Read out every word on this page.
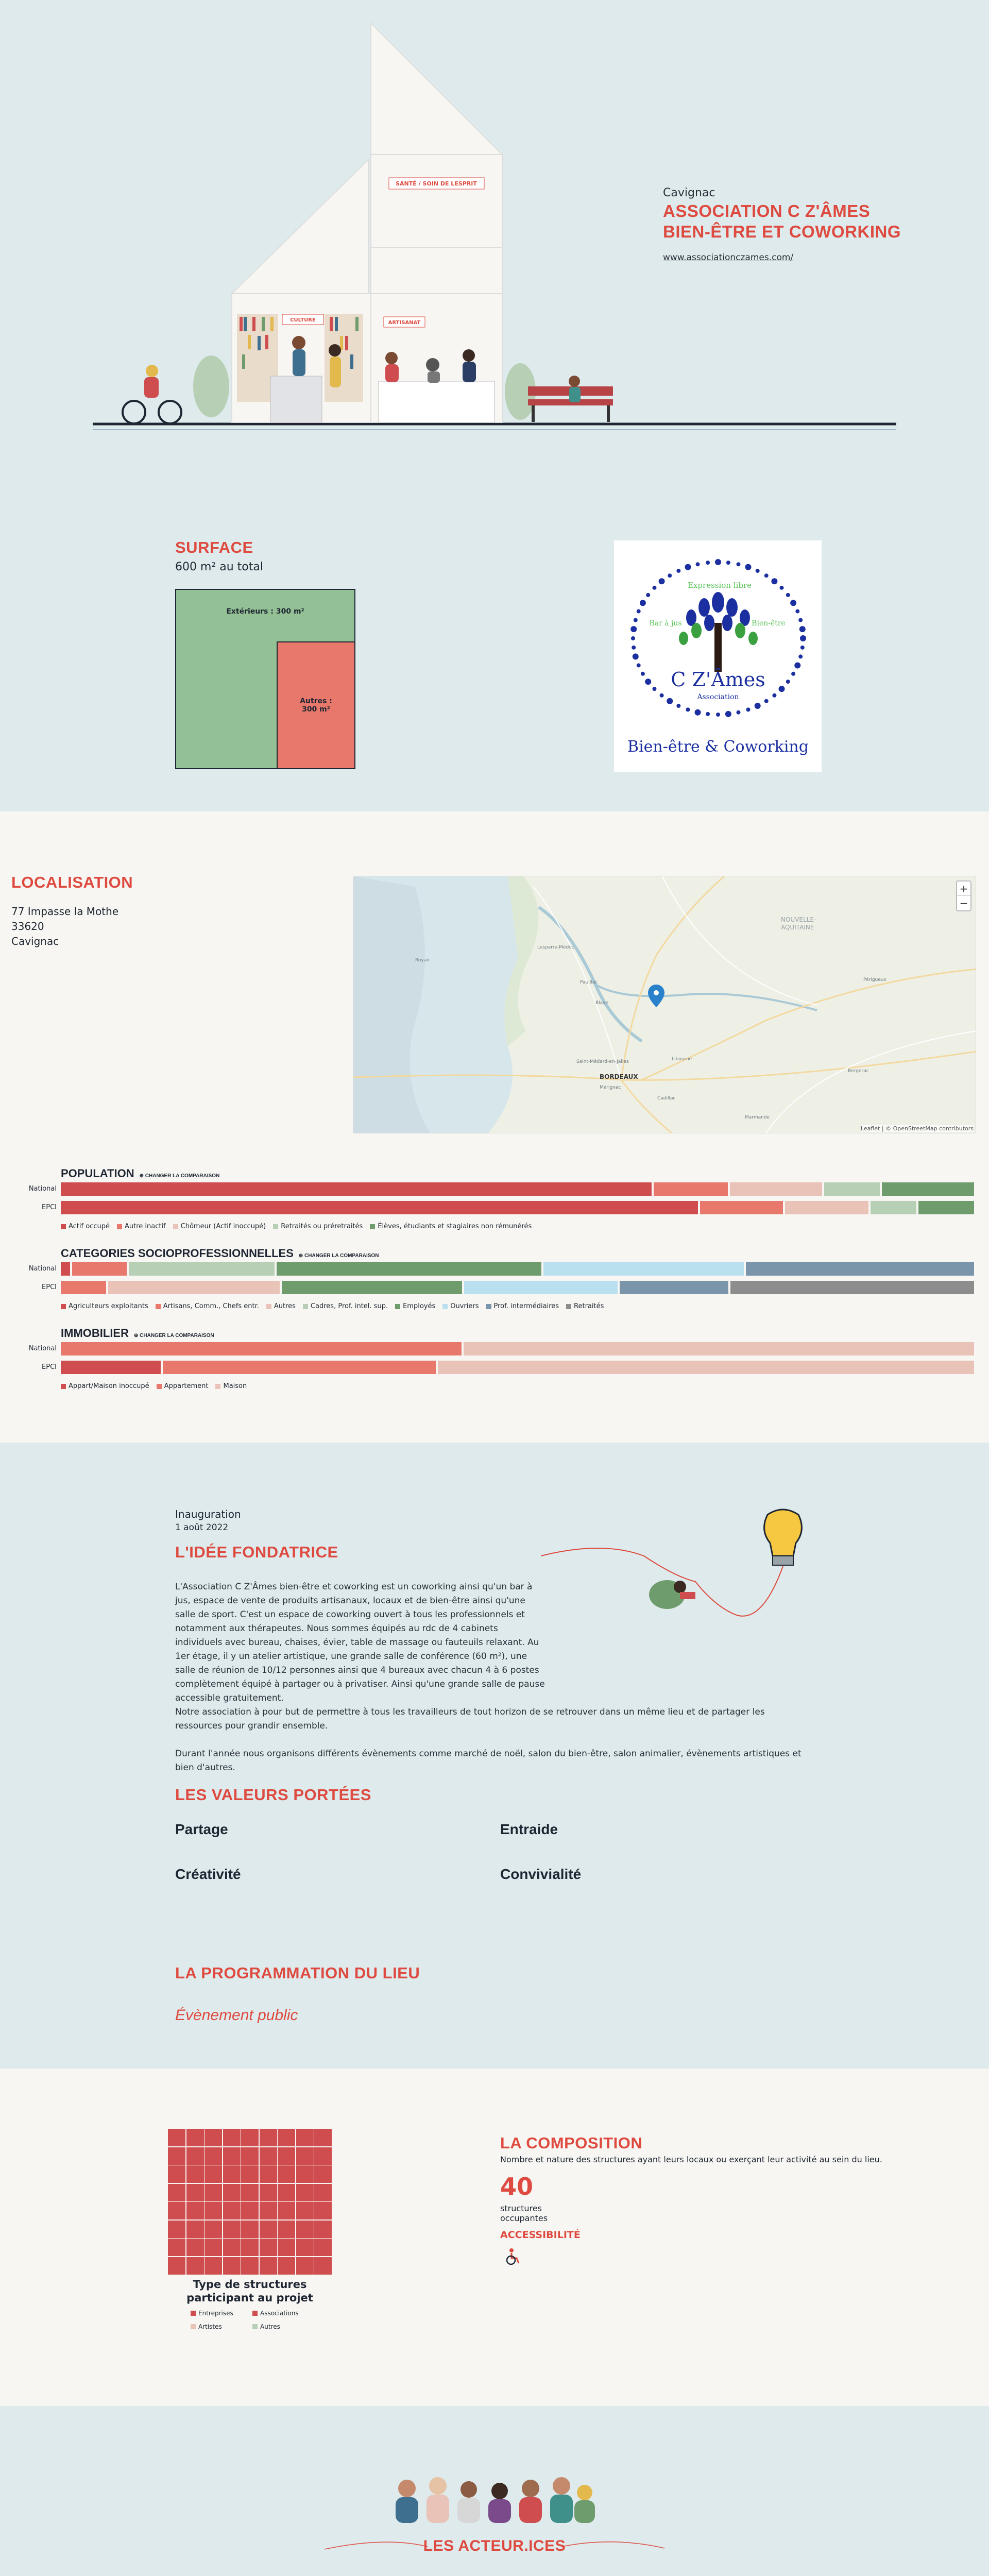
SANTÉ / SOIN DE LESPRIT
CULTURE	ARTISANAT
Cavignac
ASSOCIATION C Z'ÂMES
BIEN-ÊTRE ET COWORKING
www.associationczames.com/
SURFACE
600 m² au total
Extérieurs : 300 m²
Autres :
300 m²
Expression libre
Bar à jus	Bien-être
C Z'Âmes
Association
Bien-être & Coworking
LOCALISATION
77 Impasse la Mothe
33620
Cavignac	Lesparre-Médoc
Pauillac
Blaye
Libourne
Bergerac
Périgueux
Saint-Médard-en-Jalles
Mérignac
Cadillac
Marmande
Royan
NOUVELLE-
AQUITAINE
BORDEAUX
+
−
Leaflet | © OpenStreetMap contributors
POPULATION ⊕ CHANGER LA COMPARAISON
National
EPCI
Actif occupé Autre inactif Chômeur (Actif inoccupé) Retraités ou préretraités Élèves, étudiants et stagiaires non rémunérés
CATEGORIES SOCIOPROFESSIONNELLES ⊕ CHANGER LA COMPARAISON
National
EPCI
Agriculteurs exploitants Artisans, Comm., Chefs entr. Autres Cadres, Prof. intel. sup. Employés Ouvriers Prof. intermédiaires Retraités
IMMOBILIER ⊕ CHANGER LA COMPARAISON
National
EPCI
Appart/Maison inoccupé Appartement Maison
Inauguration
1 août 2022
L'IDÉE FONDATRICE

L'Association C Z'Âmes bien-être et coworking est un coworking ainsi qu'un bar à jus, espace de vente de produits artisanaux, locaux et de bien-être ainsi qu'une salle de sport. C'est un espace de coworking ouvert à tous les professionnels et notamment aux thérapeutes. Nous sommes équipés au rdc de 4 cabinets individuels avec bureau, chaises, évier, table de massage ou fauteuils relaxant. Au 1er étage, il y un atelier artistique, une grande salle de conférence (60 m²), une salle de réunion de 10/12 personnes ainsi que 4 bureaux avec chacun 4 à 6 postes complètement équipé à partager ou à privatiser. Ainsi qu'une grande salle de pause accessible gratuitement.

Notre association à pour but de permettre à tous les travailleurs de tout horizon de se retrouver dans un même lieu et de partager les ressources pour grandir ensemble.

Durant l'année nous organisons différents évènements comme marché de noël, salon du bien-être, salon animalier, évènements artistiques et bien d'autres.

LES VALEURS PORTÉES
Partage	Entraide
Créativité	Convivialité
LA PROGRAMMATION DU LIEU
Évènement public
Type de structures
participant au projet
Entreprises	Associations
Artistes	Autres
LA COMPOSITION
Nombre et nature des structures ayant leurs locaux ou exerçant leur activité au sein du lieu.
40
structures
occupantes
ACCESSIBILITÉ
LES ACTEUR.ICES
